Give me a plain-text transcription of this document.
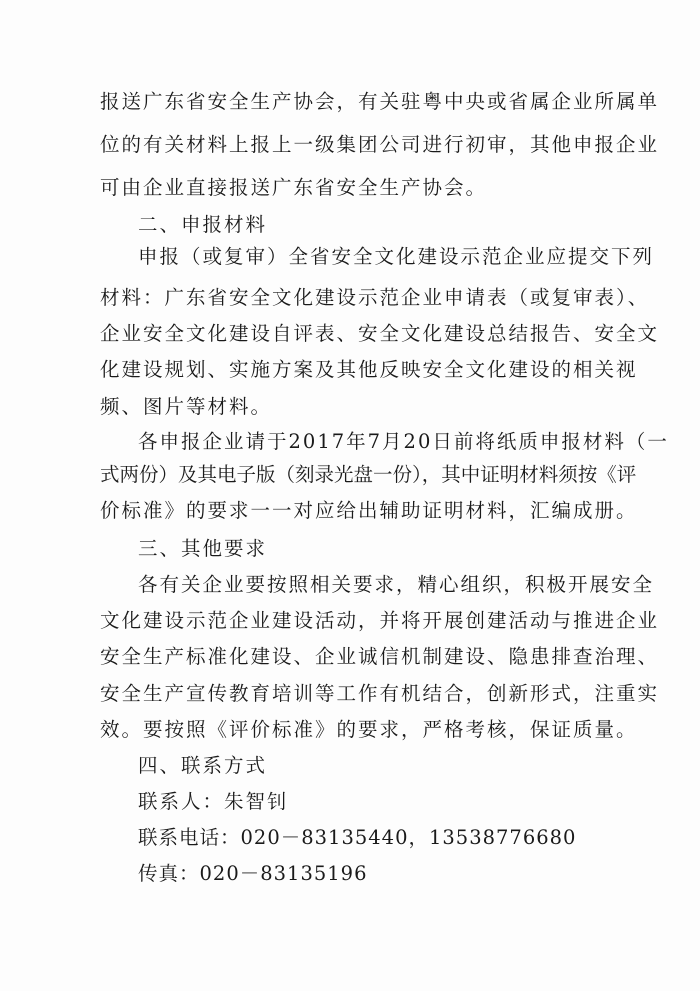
报送广东省安全生产协会，有关驻粤中央或省属企业所属单
位的有关材料上报上一级集团公司进行初审，其他申报企业
可由企业直接报送广东省安全生产协会。
二、申报材料
申报（或复审）全省安全文化建设示范企业应提交下列
材料：广东省安全文化建设示范企业申请表（或复审表）、
企业安全文化建设自评表、安全文化建设总结报告、安全文
化建设规划、实施方案及其他反映安全文化建设的相关视
频、图片等材料。
各申报企业请于2017年7月20日前将纸质申报材料（一
式两份）及其电子版（刻录光盘一份），其中证明材料须按《评
价标准》的要求一一对应给出辅助证明材料，汇编成册。
三、其他要求
各有关企业要按照相关要求，精心组织，积极开展安全
文化建设示范企业建设活动，并将开展创建活动与推进企业
安全生产标准化建设、企业诚信机制建设、隐患排查治理、
安全生产宣传教育培训等工作有机结合，创新形式，注重实
效。要按照《评价标准》的要求，严格考核，保证质量。
四、联系方式
联系人：朱智钊
联系电话：020－83135440，13538776680
传真：020－83135196
